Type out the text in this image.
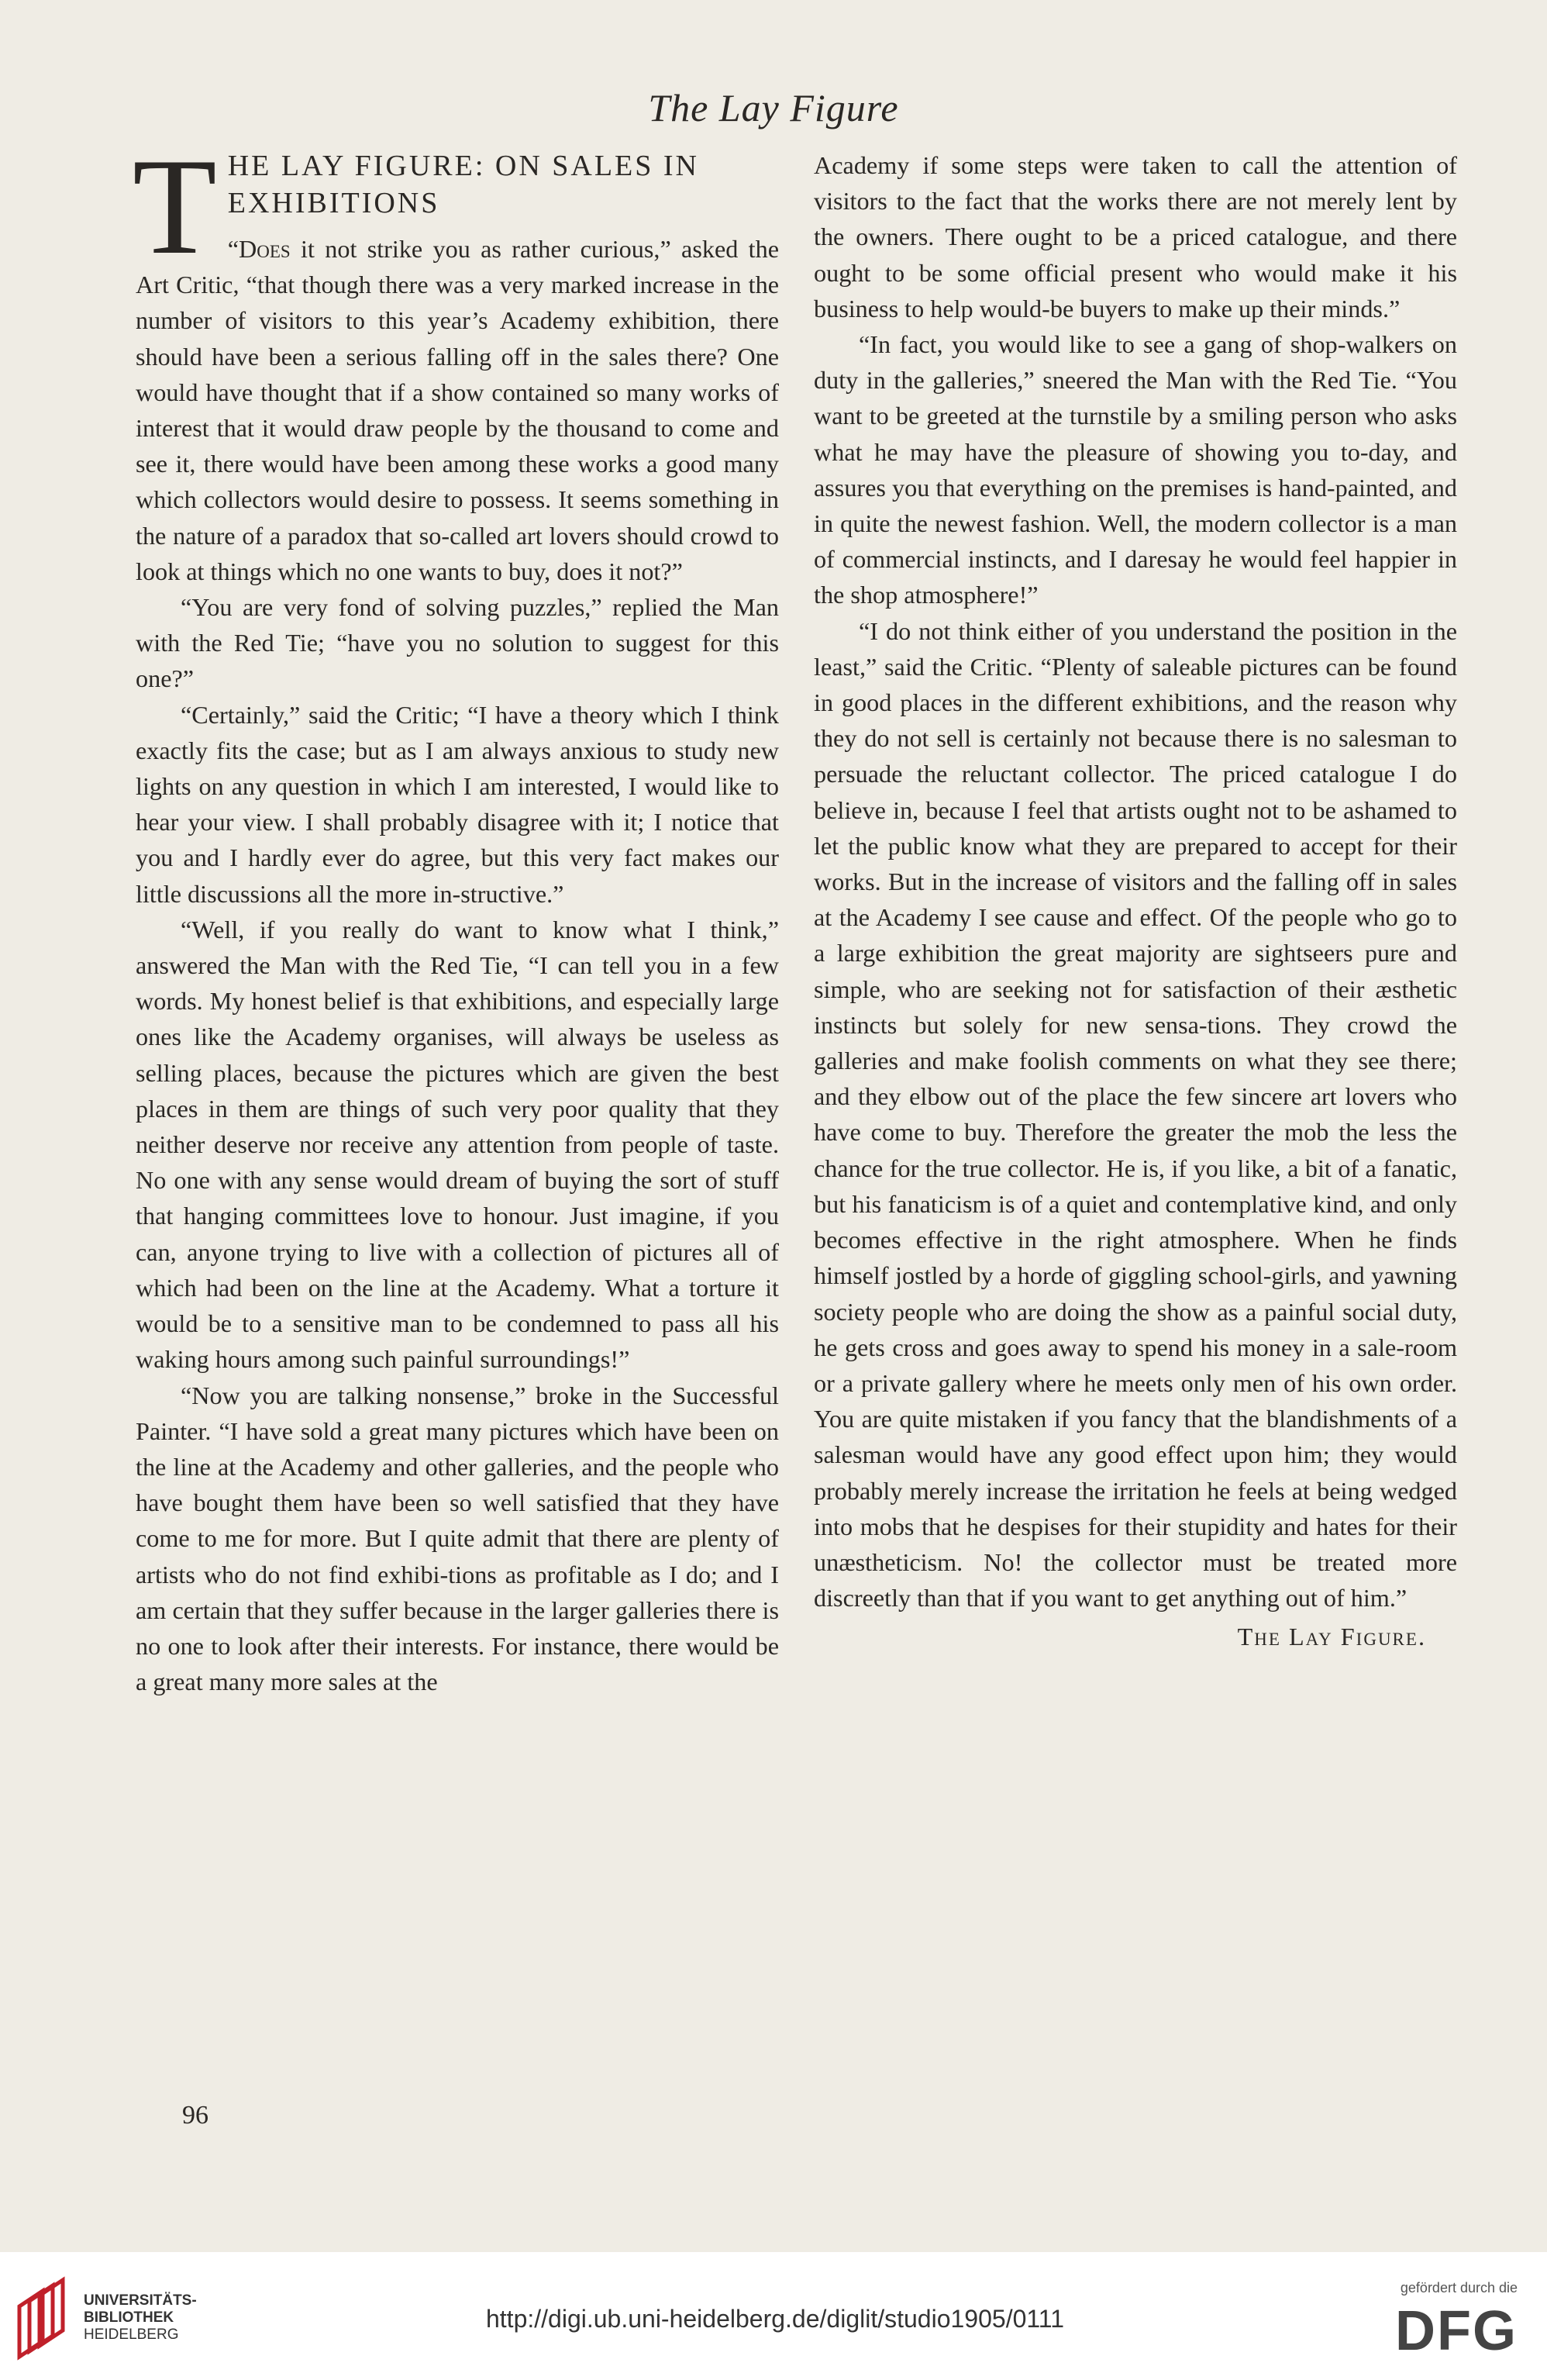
The Lay Figure
T HE LAY FIGURE: ON SALES IN EXHIBITIONS

“Does it not strike you as rather curious,” asked the Art Critic, “that though there was a very marked increase in the number of visitors to this year’s Academy exhibition, there should have been a serious falling off in the sales there? One would have thought that if a show contained so many works of interest that it would draw people by the thousand to come and see it, there would have been among these works a good many which collectors would desire to possess. It seems something in the nature of a paradox that so-called art lovers should crowd to look at things which no one wants to buy, does it not?”

“You are very fond of solving puzzles,” replied the Man with the Red Tie; “have you no solution to suggest for this one?”

“Certainly,” said the Critic; “I have a theory which I think exactly fits the case; but as I am always anxious to study new lights on any question in which I am interested, I would like to hear your view. I shall probably disagree with it; I notice that you and I hardly ever do agree, but this very fact makes our little discussions all the more in-structive.”

“Well, if you really do want to know what I think,” answered the Man with the Red Tie, “I can tell you in a few words. My honest belief is that exhibitions, and especially large ones like the Academy organises, will always be useless as selling places, because the pictures which are given the best places in them are things of such very poor quality that they neither deserve nor receive any attention from people of taste. No one with any sense would dream of buying the sort of stuff that hanging committees love to honour. Just imagine, if you can, anyone trying to live with a collection of pictures all of which had been on the line at the Academy. What a torture it would be to a sensitive man to be condemned to pass all his waking hours among such painful surroundings!”

“Now you are talking nonsense,” broke in the Successful Painter. “I have sold a great many pictures which have been on the line at the Academy and other galleries, and the people who have bought them have been so well satisfied that they have come to me for more. But I quite admit that there are plenty of artists who do not find exhibi-tions as profitable as I do; and I am certain that they suffer because in the larger galleries there is no one to look after their interests. For instance, there would be a great many more sales at the

Academy if some steps were taken to call the attention of visitors to the fact that the works there are not merely lent by the owners. There ought to be a priced catalogue, and there ought to be some official present who would make it his business to help would-be buyers to make up their minds.”

“In fact, you would like to see a gang of shop-walkers on duty in the galleries,” sneered the Man with the Red Tie. “You want to be greeted at the turnstile by a smiling person who asks what he may have the pleasure of showing you to-day, and assures you that everything on the premises is hand-painted, and in quite the newest fashion. Well, the modern collector is a man of commercial instincts, and I daresay he would feel happier in the shop atmosphere!”

“I do not think either of you understand the position in the least,” said the Critic. “Plenty of saleable pictures can be found in good places in the different exhibitions, and the reason why they do not sell is certainly not because there is no salesman to persuade the reluctant collector. The priced catalogue I do believe in, because I feel that artists ought not to be ashamed to let the public know what they are prepared to accept for their works. But in the increase of visitors and the falling off in sales at the Academy I see cause and effect. Of the people who go to a large exhibition the great majority are sightseers pure and simple, who are seeking not for satisfaction of their æsthetic instincts but solely for new sensa-tions. They crowd the galleries and make foolish comments on what they see there; and they elbow out of the place the few sincere art lovers who have come to buy. Therefore the greater the mob the less the chance for the true collector. He is, if you like, a bit of a fanatic, but his fanaticism is of a quiet and contemplative kind, and only becomes effective in the right atmosphere. When he finds himself jostled by a horde of giggling school-girls, and yawning society people who are doing the show as a painful social duty, he gets cross and goes away to spend his money in a sale-room or a private gallery where he meets only men of his own order. You are quite mistaken if you fancy that the blandishments of a salesman would have any good effect upon him; they would probably merely increase the irritation he feels at being wedged into mobs that he despises for their stupidity and hates for their unæstheticism. No! the collector must be treated more discreetly than that if you want to get anything out of him.”

The Lay Figure.
96
UNIVERSITÄTS-
BIBLIOTHEK
HEIDELBERG
http://digi.ub.uni-heidelberg.de/diglit/studio1905/0111
gefördert durch die
DFG
